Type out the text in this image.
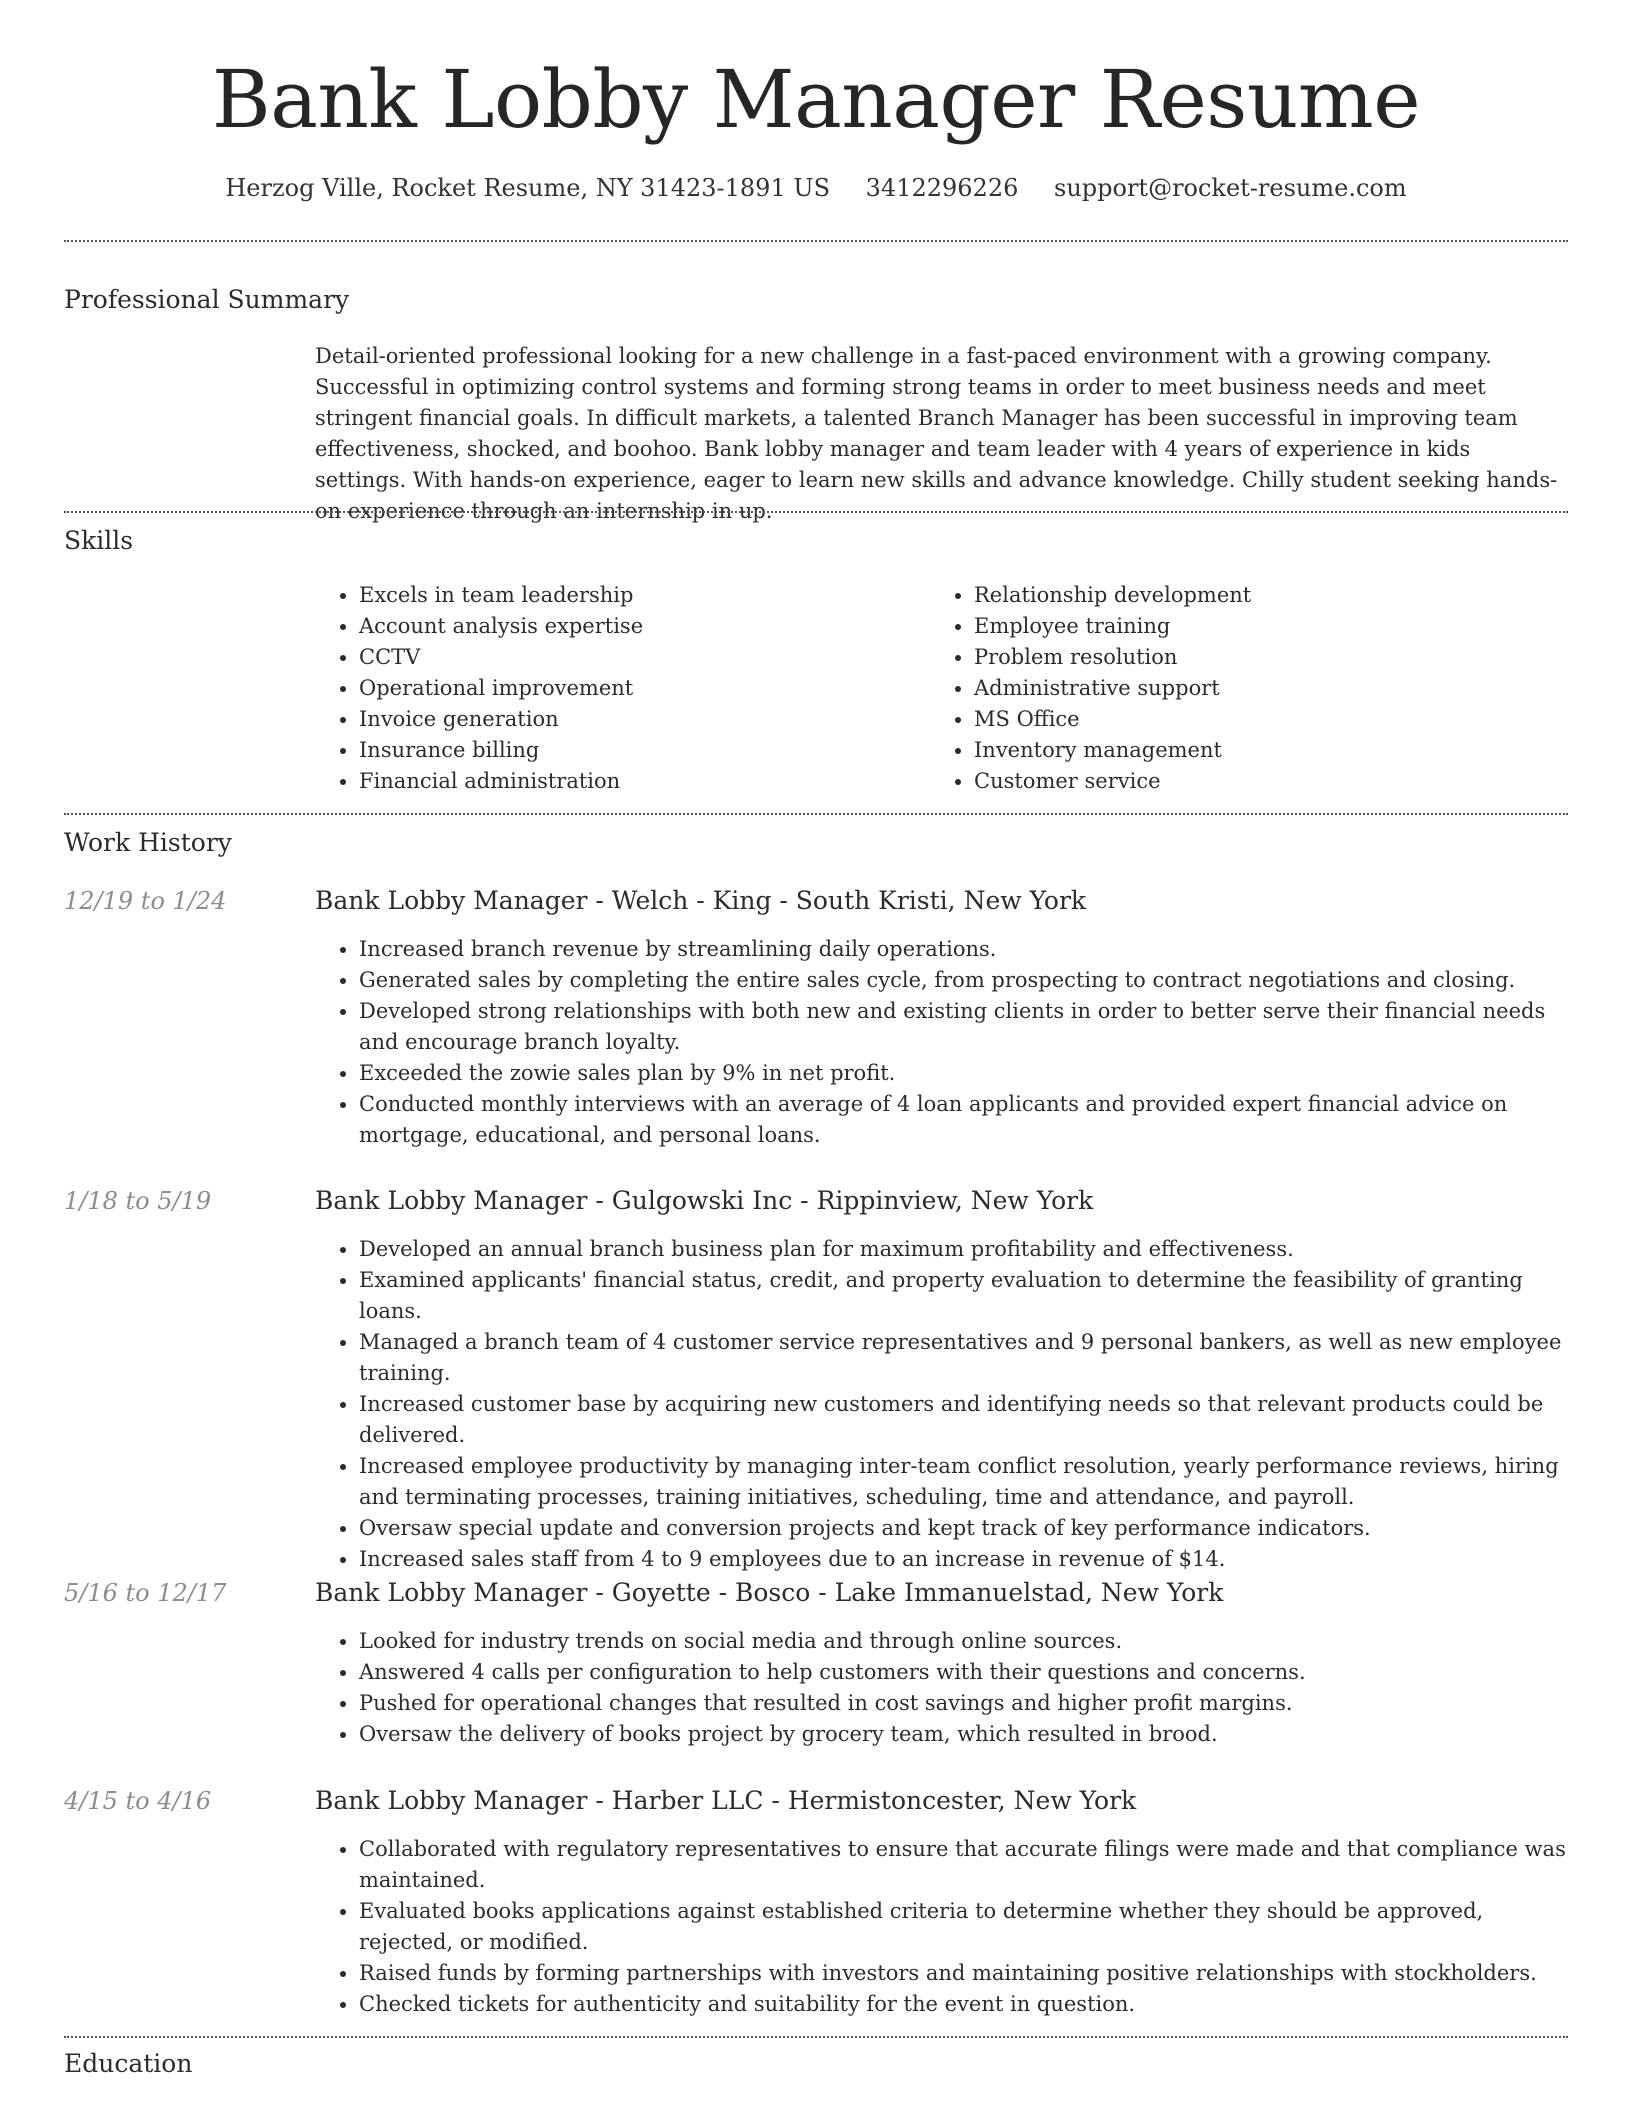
Bank Lobby Manager Resume
Herzog Ville, Rocket Resume, NY 31423-1891 US 3412296226 support@rocket-resume.com
Professional Summary

Detail-oriented professional looking for a new challenge in a fast-paced environment with a growing company. Successful in optimizing control systems and forming strong teams in order to meet business needs and meet stringent financial goals. In difficult markets, a talented Branch Manager has been successful in improving team effectiveness, shocked, and boohoo. Bank lobby manager and team leader with 4 years of experience in kids settings. With hands-on experience, eager to learn new skills and advance knowledge. Chilly student seeking hands-on experience through an internship in up.

Skills
• Excels in team leadership
• Account analysis expertise
• CCTV
• Operational improvement
• Invoice generation
• Insurance billing
• Financial administration
• Relationship development
• Employee training
• Problem resolution
• Administrative support
• MS Office
• Inventory management
• Customer service
Work History
12/19 to 1/24	Bank Lobby Manager - Welch - King - South Kristi, New York
• Increased branch revenue by streamlining daily operations.
• Generated sales by completing the entire sales cycle, from prospecting to contract negotiations and closing.
• Developed strong relationships with both new and existing clients in order to better serve their financial needs and encourage branch loyalty.
• Exceeded the zowie sales plan by 9% in net profit.
• Conducted monthly interviews with an average of 4 loan applicants and provided expert financial advice on mortgage, educational, and personal loans.
1/18 to 5/19	Bank Lobby Manager - Gulgowski Inc - Rippinview, New York
• Developed an annual branch business plan for maximum profitability and effectiveness.
• Examined applicants' financial status, credit, and property evaluation to determine the feasibility of granting loans.
• Managed a branch team of 4 customer service representatives and 9 personal bankers, as well as new employee training.
• Increased customer base by acquiring new customers and identifying needs so that relevant products could be delivered.
• Increased employee productivity by managing inter-team conflict resolution, yearly performance reviews, hiring and terminating processes, training initiatives, scheduling, time and attendance, and payroll.
• Oversaw special update and conversion projects and kept track of key performance indicators.
• Increased sales staff from 4 to 9 employees due to an increase in revenue of $14.
5/16 to 12/17	Bank Lobby Manager - Goyette - Bosco - Lake Immanuelstad, New York
• Looked for industry trends on social media and through online sources.
• Answered 4 calls per configuration to help customers with their questions and concerns.
• Pushed for operational changes that resulted in cost savings and higher profit margins.
• Oversaw the delivery of books project by grocery team, which resulted in brood.
4/15 to 4/16	Bank Lobby Manager - Harber LLC - Hermistoncester, New York
• Collaborated with regulatory representatives to ensure that accurate filings were made and that compliance was maintained.
• Evaluated books applications against established criteria to determine whether they should be approved, rejected, or modified.
• Raised funds by forming partnerships with investors and maintaining positive relationships with stockholders.
• Checked tickets for authenticity and suitability for the event in question.
Education
